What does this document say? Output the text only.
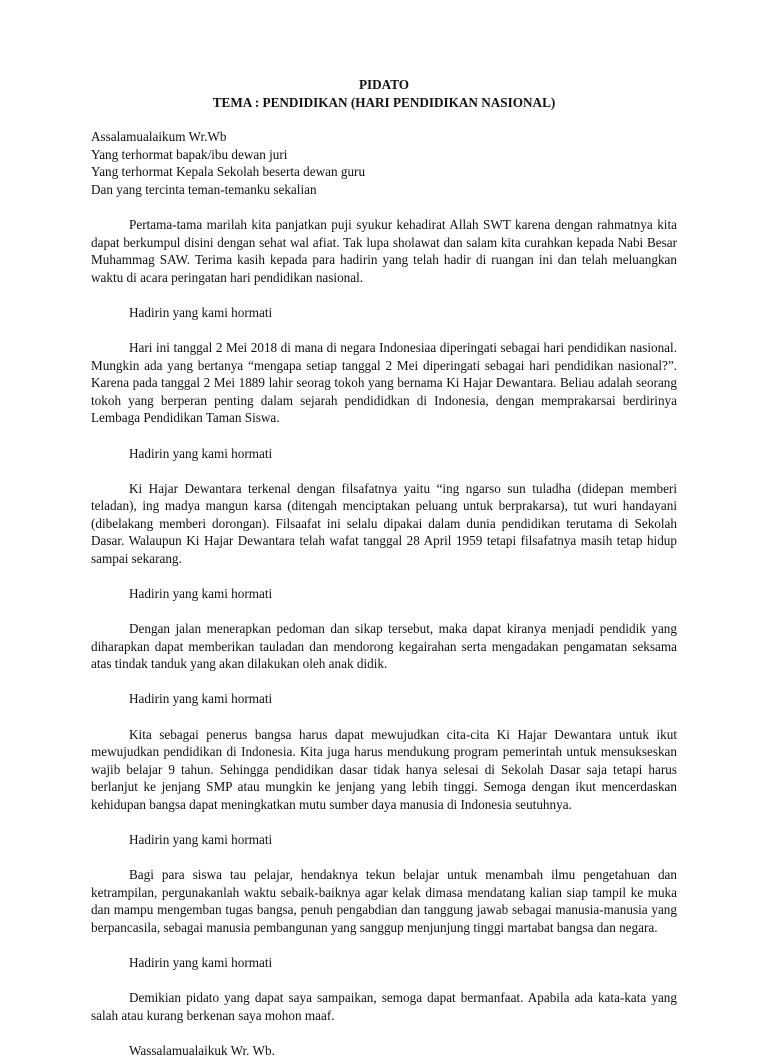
PIDATO
TEMA : PENDIDIKAN (HARI PENDIDIKAN NASIONAL)
Assalamualaikum Wr.Wb
Yang terhormat bapak/ibu dewan juri
Yang terhormat Kepala Sekolah beserta dewan guru
Dan yang tercinta teman-temanku sekalian

Pertama-tama marilah kita panjatkan puji syukur kehadirat Allah SWT karena dengan rahmatnya kita dapat berkumpul disini dengan sehat wal afiat. Tak lupa sholawat dan salam kita curahkan kepada Nabi Besar Muhammag SAW. Terima kasih kepada para hadirin yang telah hadir di ruangan ini dan telah meluangkan waktu di acara peringatan hari pendidikan nasional.

Hadirin yang kami hormati

Hari ini tanggal 2 Mei 2018 di mana di negara Indonesiaa diperingati sebagai hari pendidikan nasional. Mungkin ada yang bertanya “mengapa setiap tanggal 2 Mei diperingati sebagai hari pendidikan nasional?”. Karena pada tanggal 2 Mei 1889 lahir seorag tokoh yang bernama Ki Hajar Dewantara. Beliau adalah seorang tokoh yang berperan penting dalam sejarah pendididkan di Indonesia, dengan memprakarsai berdirinya Lembaga Pendidikan Taman Siswa.

Hadirin yang kami hormati

Ki Hajar Dewantara terkenal dengan filsafatnya yaitu “ing ngarso sun tuladha (didepan memberi teladan), ing madya mangun karsa (ditengah menciptakan peluang untuk berprakarsa), tut wuri handayani (dibelakang memberi dorongan). Filsaafat ini selalu dipakai dalam dunia pendidikan terutama di Sekolah Dasar. Walaupun Ki Hajar Dewantara telah wafat tanggal 28 April 1959 tetapi filsafatnya masih tetap hidup sampai sekarang.

Hadirin yang kami hormati

Dengan jalan menerapkan pedoman dan sikap tersebut, maka dapat kiranya menjadi pendidik yang diharapkan dapat memberikan tauladan dan mendorong kegairahan serta mengadakan pengamatan seksama atas tindak tanduk yang akan dilakukan oleh anak didik.

Hadirin yang kami hormati

Kita sebagai penerus bangsa harus dapat mewujudkan cita-cita Ki Hajar Dewantara untuk ikut mewujudkan pendidikan di Indonesia. Kita juga harus mendukung program pemerintah untuk mensukseskan wajib belajar 9 tahun. Sehingga pendidikan dasar tidak hanya selesai di Sekolah Dasar saja tetapi harus berlanjut ke jenjang SMP atau mungkin ke jenjang yang lebih tinggi. Semoga dengan ikut mencerdaskan kehidupan bangsa dapat meningkatkan mutu sumber daya manusia di Indonesia seutuhnya.

Hadirin yang kami hormati

Bagi para siswa tau pelajar, hendaknya tekun belajar untuk menambah ilmu pengetahuan dan ketrampilan, pergunakanlah waktu sebaik-baiknya agar kelak dimasa mendatang kalian siap tampil ke muka dan mampu mengemban tugas bangsa, penuh pengabdian dan tanggung jawab sebagai manusia-manusia yang berpancasila, sebagai manusia pembangunan yang sanggup menjunjung tinggi martabat bangsa dan negara.

Hadirin yang kami hormati

Demikian pidato yang dapat saya sampaikan, semoga dapat bermanfaat. Apabila ada kata-kata yang salah atau kurang berkenan saya mohon maaf.

Wassalamualaikuk Wr. Wb.
